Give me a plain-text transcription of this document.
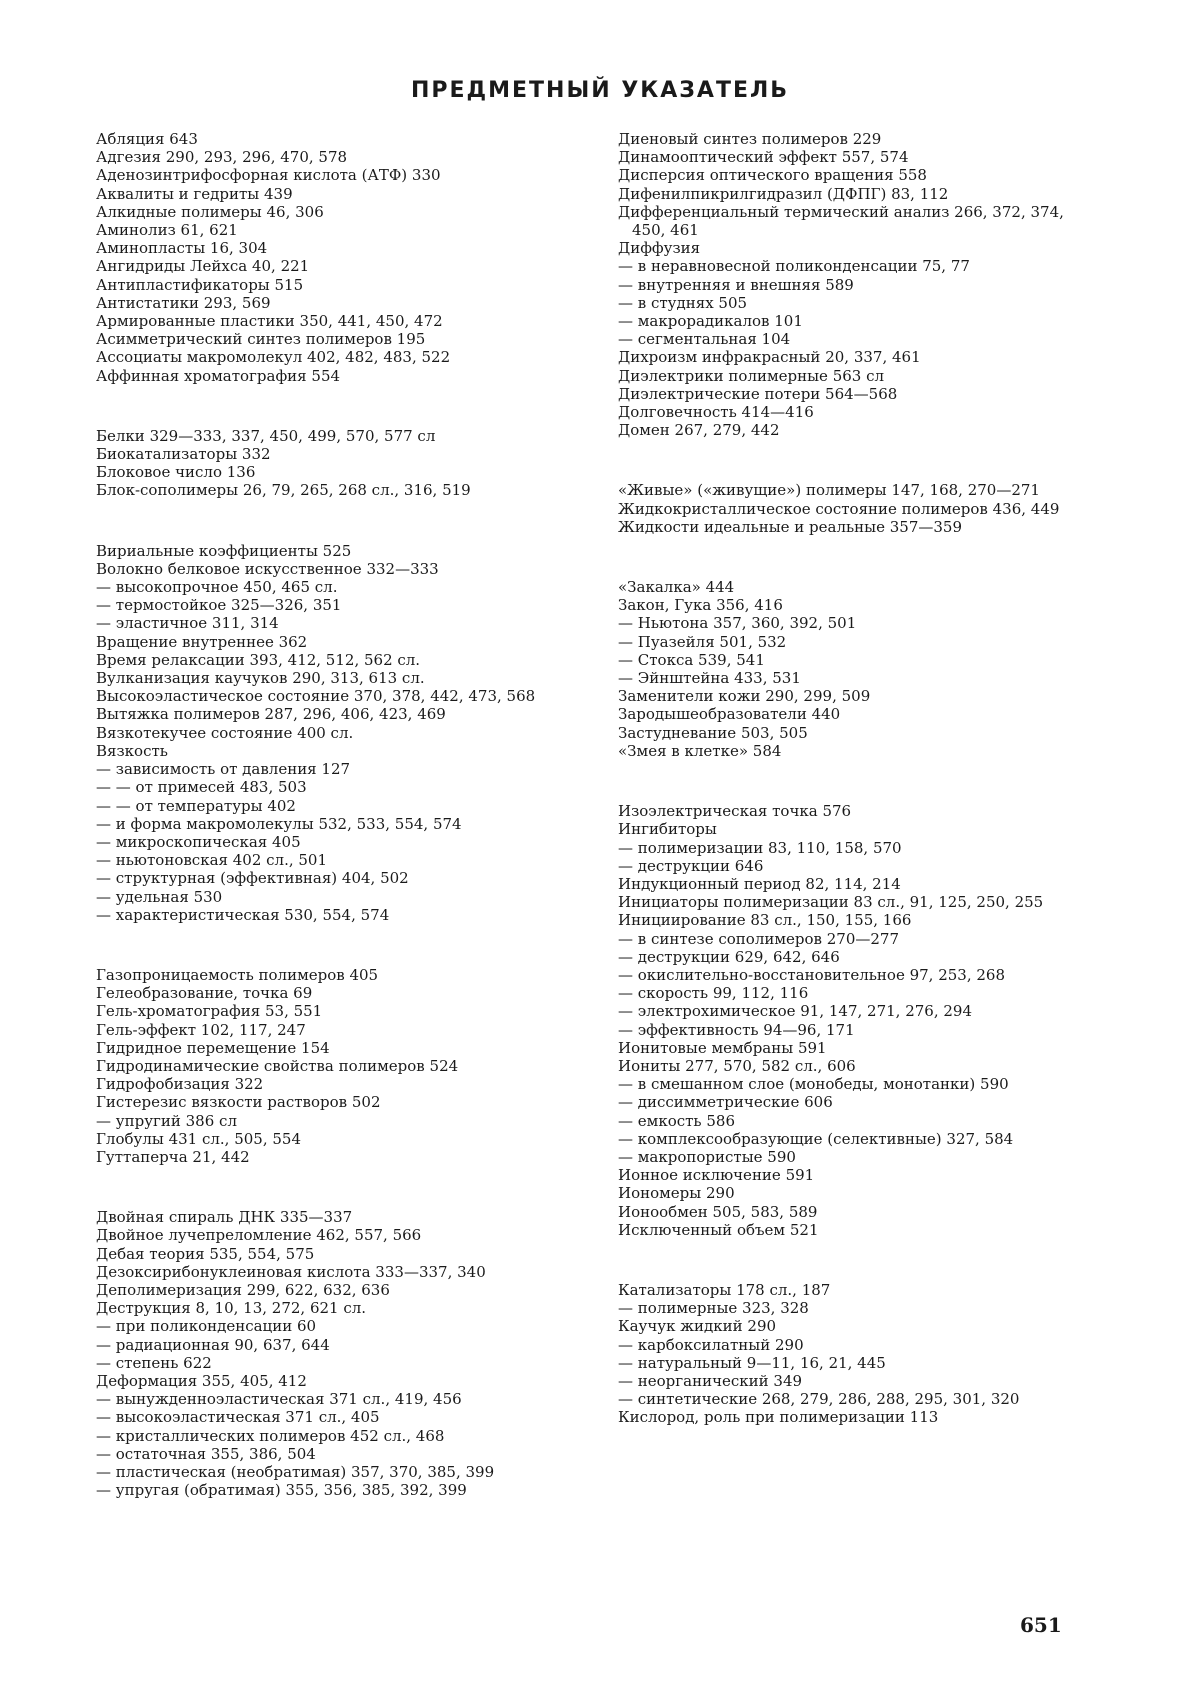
ПРЕДМЕТНЫЙ УКАЗАТЕЛЬ
Абляция 643
Адгезия 290, 293, 296, 470, 578
Аденозинтрифосфорная кислота (АТФ) 330
Аквалиты и гедриты 439
Алкидные полимеры 46, 306
Аминолиз 61, 621
Аминопласты 16, 304
Ангидриды Лейхса 40, 221
Антипластификаторы 515
Антистатики 293, 569
Армированные пластики 350, 441, 450, 472
Асимметрический синтез полимеров 195
Ассоциаты макромолекул 402, 482, 483, 522
Аффинная хроматография 554
Белки 329—333, 337, 450, 499, 570, 577 сл
Биокатализаторы 332
Блоковое число 136
Блок-сополимеры 26, 79, 265, 268 сл., 316, 519
Вириальные коэффициенты 525
Волокно белковое искусственное 332—333
— высокопрочное 450, 465 сл.
— термостойкое 325—326, 351
— эластичное 311, 314
Вращение внутреннее 362
Время релаксации 393, 412, 512, 562 сл.
Вулканизация каучуков 290, 313, 613 сл.
Высокоэластическое состояние 370, 378, 442, 473, 568
Вытяжка полимеров 287, 296, 406, 423, 469
Вязкотекучее состояние 400 сл.
Вязкость
— зависимость от давления 127
— — от примесей 483, 503
— — от температуры 402
— и форма макромолекулы 532, 533, 554, 574
— микроскопическая 405
— ньютоновская 402 сл., 501
— структурная (эффективная) 404, 502
— удельная 530
— характеристическая 530, 554, 574
Газопроницаемость полимеров 405
Гелеобразование, точка 69
Гель-хроматография 53, 551
Гель-эффект 102, 117, 247
Гидридное перемещение 154
Гидродинамические свойства полимеров 524
Гидрофобизация 322
Гистерезис вязкости растворов 502
— упругий 386 сл
Глобулы 431 сл., 505, 554
Гуттаперча 21, 442
Двойная спираль ДНК 335—337
Двойное лучепреломление 462, 557, 566
Дебая теория 535, 554, 575
Дезоксирибонуклеиновая кислота 333—337, 340
Деполимеризация 299, 622, 632, 636
Деструкция 8, 10, 13, 272, 621 сл.
— при поликонденсации 60
— радиационная 90, 637, 644
— степень 622
Деформация 355, 405, 412
— вынужденноэластическая 371 сл., 419, 456
— высокоэластическая 371 сл., 405
— кристаллических полимеров 452 сл., 468
— остаточная 355, 386, 504
— пластическая (необратимая) 357, 370, 385, 399
— упругая (обратимая) 355, 356, 385, 392, 399
Диеновый синтез полимеров 229
Динамооптический эффект 557, 574
Дисперсия оптического вращения 558
Дифенилпикрилгидразил (ДФПГ) 83, 112
Дифференциальный термический анализ 266, 372, 374, 450, 461
Диффузия
— в неравновесной поликонденсации 75, 77
— внутренняя и внешняя 589
— в студнях 505
— макрорадикалов 101
— сегментальная 104
Дихроизм инфракрасный 20, 337, 461
Диэлектрики полимерные 563 сл
Диэлектрические потери 564—568
Долговечность 414—416
Домен 267, 279, 442
«Живые» («живущие») полимеры 147, 168, 270—271
Жидкокристаллическое состояние полимеров 436, 449
Жидкости идеальные и реальные 357—359
«Закалка» 444
Закон, Гука 356, 416
— Ньютона 357, 360, 392, 501
— Пуазейля 501, 532
— Стокса 539, 541
— Эйнштейна 433, 531
Заменители кожи 290, 299, 509
Зародышеобразователи 440
Застудневание 503, 505
«Змея в клетке» 584
Изоэлектрическая точка 576
Ингибиторы
— полимеризации 83, 110, 158, 570
— деструкции 646
Индукционный период 82, 114, 214
Инициаторы полимеризации 83 сл., 91, 125, 250, 255
Инициирование 83 сл., 150, 155, 166
— в синтезе сополимеров 270—277
— деструкции 629, 642, 646
— окислительно-восстановительное 97, 253, 268
— скорость 99, 112, 116
— электрохимическое 91, 147, 271, 276, 294
— эффективность 94—96, 171
Ионитовые мембраны 591
Иониты 277, 570, 582 сл., 606
— в смешанном слое (монобеды, монотанки) 590
— диссимметрические 606
— емкость 586
— комплексообразующие (селективные) 327, 584
— макропористые 590
Ионное исключение 591
Иономеры 290
Ионообмен 505, 583, 589
Исключенный объем 521
Катализаторы 178 сл., 187
— полимерные 323, 328
Каучук жидкий 290
— карбоксилатный 290
— натуральный 9—11, 16, 21, 445
— неорганический 349
— синтетические 268, 279, 286, 288, 295, 301, 320
Кислород, роль при полимеризации 113
651
